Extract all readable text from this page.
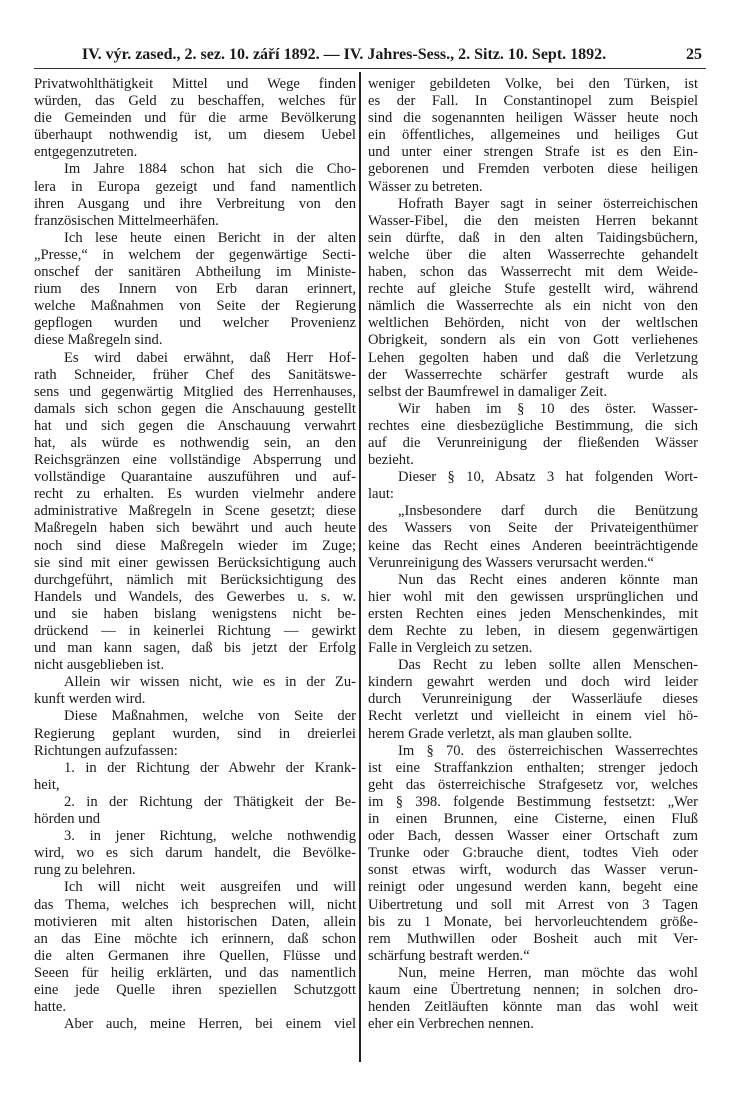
IV. výr. zased., 2. sez. 10. září 1892. — IV. Jahres-Sess., 2. Sitz. 10. Sept. 1892.	25
Privatwohlthätigkeit Mittel und Wege finden
würden, das Geld zu beschaffen, welches für
die Gemeinden und für die arme Bevölkerung
überhaupt nothwendig ist, um diesem Uebel
entgegenzutreten.
Im Jahre 1884 schon hat sich die Cho-
lera in Europa gezeigt und fand namentlich
ihren Ausgang und ihre Verbreitung von den
französischen Mittelmeerhäfen.
Ich lese heute einen Bericht in der alten
„Presse,“ in welchem der gegenwärtige Secti-
onschef der sanitären Abtheilung im Ministe-
rium des Innern von Erb daran erinnert,
welche Maßnahmen von Seite der Regierung
gepflogen wurden und welcher Provenienz
diese Maßregeln sind.
Es wird dabei erwähnt, daß Herr Hof-
rath Schneider, früher Chef des Sanitätswe-
sens und gegenwärtig Mitglied des Herrenhauses,
damals sich schon gegen die Anschauung gestellt
hat und sich gegen die Anschauung verwahrt
hat, als würde es nothwendig sein, an den
Reichsgränzen eine vollständige Absperrung und
vollständige Quarantaine auszuführen und auf-
recht zu erhalten. Es wurden vielmehr andere
administrative Maßregeln in Scene gesetzt; diese
Maßregeln haben sich bewährt und auch heute
noch sind diese Maßregeln wieder im Zuge;
sie sind mit einer gewissen Berücksichtigung auch
durchgeführt, nämlich mit Berücksichtigung des
Handels und Wandels, des Gewerbes u. s. w.
und sie haben bislang wenigstens nicht be-
drückend — in keinerlei Richtung — gewirkt
und man kann sagen, daß bis jetzt der Erfolg
nicht ausgeblieben ist.
Allein wir wissen nicht, wie es in der Zu-
kunft werden wird.
Diese Maßnahmen, welche von Seite der
Regierung geplant wurden, sind in dreierlei
Richtungen aufzufassen:
1. in der Richtung der Abwehr der Krank-
heit,
2. in der Richtung der Thätigkeit der Be-
hörden und
3. in jener Richtung, welche nothwendig
wird, wo es sich darum handelt, die Bevölke-
rung zu belehren.
Ich will nicht weit ausgreifen und will
das Thema, welches ich besprechen will, nicht
motivieren mit alten historischen Daten, allein
an das Eine möchte ich erinnern, daß schon
die alten Germanen ihre Quellen, Flüsse und
Seeen für heilig erklärten, und das namentlich
eine jede Quelle ihren speziellen Schutzgott
hatte.
Aber auch, meine Herren, bei einem viel
weniger gebildeten Volke, bei den Türken, ist
es der Fall. In Constantinopel zum Beispiel
sind die sogenannten heiligen Wässer heute noch
ein öffentliches, allgemeines und heiliges Gut
und unter einer strengen Strafe ist es den Ein-
geborenen und Fremden verboten diese heiligen
Wässer zu betreten.
Hofrath Bayer sagt in seiner österreichischen
Wasser-Fibel, die den meisten Herren bekannt
sein dürfte, daß in den alten Taidingsbüchern,
welche über die alten Wasserrechte gehandelt
haben, schon das Wasserrecht mit dem Weide-
rechte auf gleiche Stufe gestellt wird, während
nämlich die Wasserrechte als ein nicht von den
weltlichen Behörden, nicht von der weltlschen
Obrigkeit, sondern als ein von Gott verliehenes
Lehen gegolten haben und daß die Verletzung
der Wasserrechte schärfer gestraft wurde als
selbst der Baumfrewel in damaliger Zeit.
Wir haben im § 10 des öster. Wasser-
rechtes eine diesbezügliche Bestimmung, die sich
auf die Verunreinigung der fließenden Wässer
bezieht.
Dieser § 10, Absatz 3 hat folgenden Wort-
laut:
„Insbesondere darf durch die Benützung
des Wassers von Seite der Privateigenthümer
keine das Recht eines Anderen beeinträchtigende
Verunreinigung des Wassers verursacht werden.“
Nun das Recht eines anderen könnte man
hier wohl mit den gewissen ursprünglichen und
ersten Rechten eines jeden Menschenkindes, mit
dem Rechte zu leben, in diesem gegenwärtigen
Falle in Vergleich zu setzen.
Das Recht zu leben sollte allen Menschen-
kindern gewahrt werden und doch wird leider
durch Verunreinigung der Wasserläufe dieses
Recht verletzt und vielleicht in einem viel hö-
herem Grade verletzt, als man glauben sollte.
Im § 70. des österreichischen Wasserrechtes
ist eine Straffankzion enthalten; strenger jedoch
geht das österreichische Strafgesetz vor, welches
im § 398. folgende Bestimmung festsetzt: „Wer
in einen Brunnen, eine Cisterne, einen Fluß
oder Bach, dessen Wasser einer Ortschaft zum
Trunke oder G:brauche dient, todtes Vieh oder
sonst etwas wirft, wodurch das Wasser verun-
reinigt oder ungesund werden kann, begeht eine
Uibertretung und soll mit Arrest von 3 Tagen
bis zu 1 Monate, bei hervorleuchtendem größe-
rem Muthwillen oder Bosheit auch mit Ver-
schärfung bestraft werden.“
Nun, meine Herren, man möchte das wohl
kaum eine Übertretung nennen; in solchen dro-
henden Zeitläuften könnte man das wohl weit
eher ein Verbrechen nennen.
